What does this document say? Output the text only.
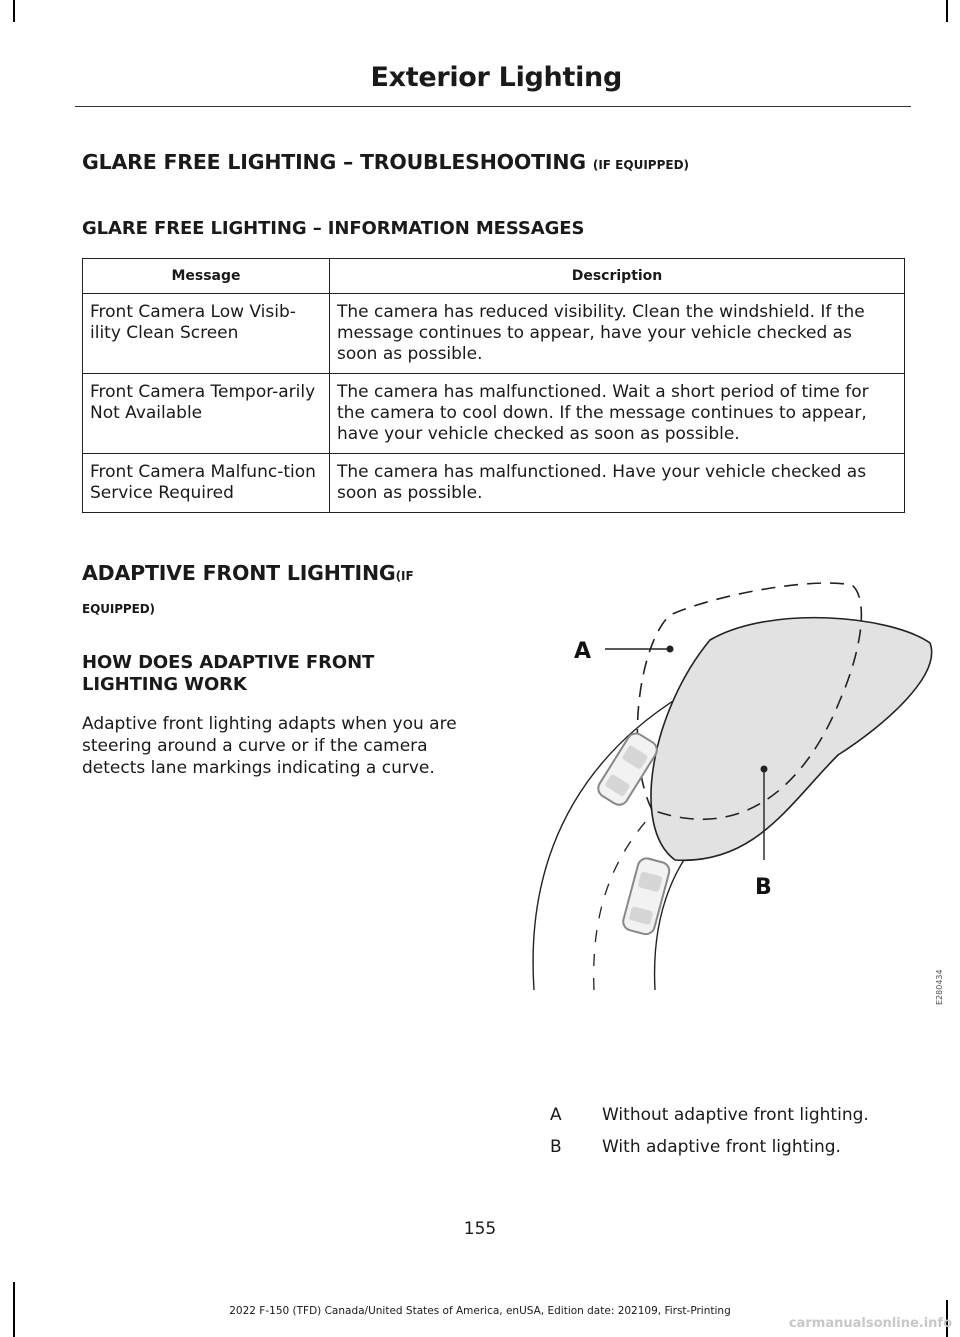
Exterior Lighting
GLARE FREE LIGHTING – TROUBLESHOOTING (IF EQUIPPED)
GLARE FREE LIGHTING – INFORMATION MESSAGES
Message	Description
Front Camera Low Visib-ility Clean Screen	The camera has reduced visibility. Clean the windshield. If the message continues to appear, have your vehicle checked as soon as possible.
Front Camera Tempor-arily Not Available	The camera has malfunctioned. Wait a short period of time for the camera to cool down. If the message continues to appear, have your vehicle checked as soon as possible.
Front Camera Malfunc-tion Service Required	The camera has malfunctioned. Have your vehicle checked as soon as possible.
ADAPTIVE FRONT LIGHTING(IF
EQUIPPED)
HOW DOES ADAPTIVE FRONT LIGHTING WORK
Adaptive front lighting adapts when you are steering around a curve or if the camera detects lane markings indicating a curve.
A
B
E280434
A	Without adaptive front lighting.
B	With adaptive front lighting.
155
2022 F-150 (TFD) Canada/United States of America, enUSA, Edition date: 202109, First-Printing
carmanualsonline.info
